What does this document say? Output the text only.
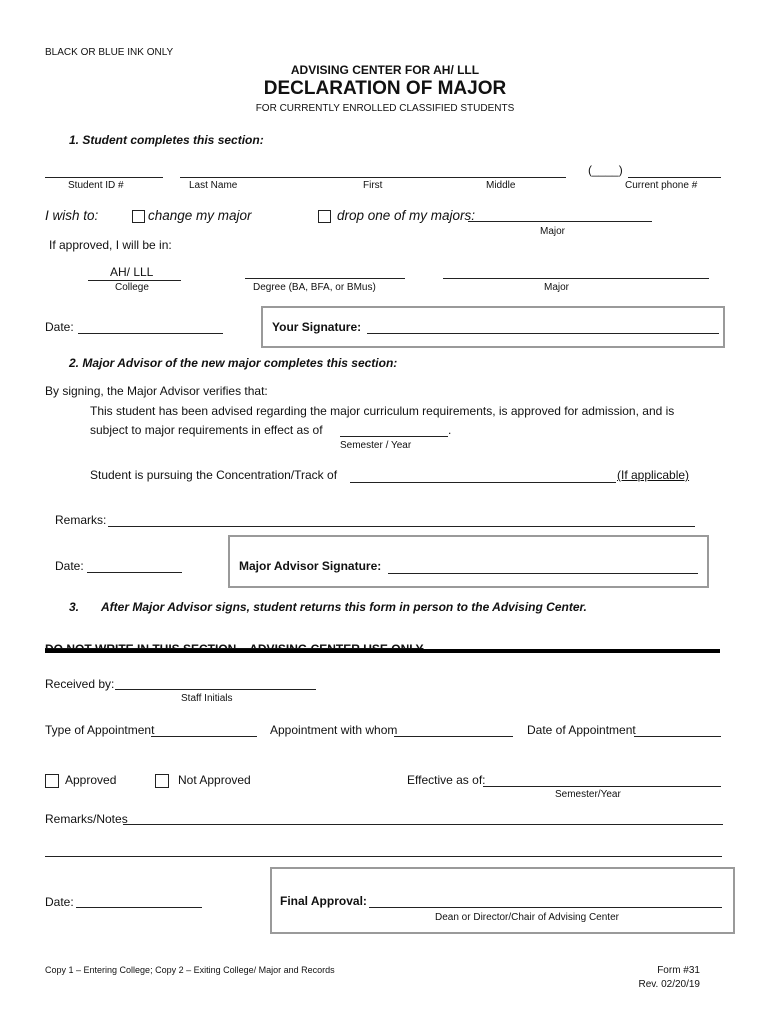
BLACK OR BLUE INK ONLY
ADVISING CENTER FOR AH/ LLL
DECLARATION OF MAJOR
FOR CURRENTLY ENROLLED CLASSIFIED STUDENTS
1. Student completes this section:
(____)
Student ID #	Last Name	First	Middle	Current phone #
I wish to:	change my major	drop one of my majors:
Major
If approved, I will be in:
AH/ LLL
College	Degree (BA, BFA, or BMus)	Major
Date:	Your Signature:
2. Major Advisor of the new major completes this section:
By signing, the Major Advisor verifies that:
This student has been advised regarding the major curriculum requirements, is approved for admission, and is
subject to major requirements in effect as of	.
Semester / Year
Student is pursuing the Concentration/Track of	(If applicable)
Remarks:
Date:	Major Advisor Signature:
3. After Major Advisor signs, student returns this form in person to the Advising Center.
Received by:
Staff Initials
Type of Appointment	Appointment with whom	Date of Appointment
Approved	Not Approved	Effective as of:
Semester/Year
Remarks/Notes
Date:	Final Approval:
Dean or Director/Chair of Advising Center
Copy 1 – Entering College; Copy 2 – Exiting College/ Major and Records	Form #31
Rev. 02/20/19
